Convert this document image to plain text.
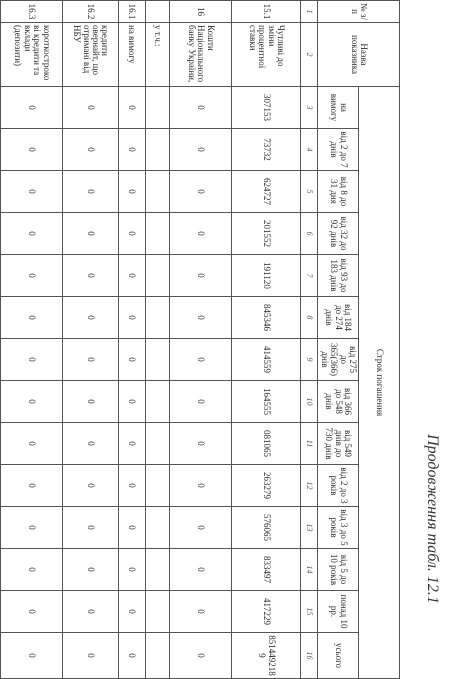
Продовження табл. 12.1
№ з/п	Назва показника	Строк погашення													
		на вимогу	від 2 до 7 днів	від 8 до 31 дня	від 32 до 92 днів	від 93 до 183 днів	від 184 до 274 днів	від 275 до 365(366) днів	від 366 до 548 днів	від 549 днів до 730 днів	від 2 до 3 років	від 3 до 5 років	від 5 до 10 років	понад 10 рр.	усього
1	2	3	4	5	6	7	8	9	10	11	12	13	14	15	16
15.1	Чутливі до зміни процентної ставки	307153	73732	624727	201552	191120	845346	414559	164555	081065	263279	576065	833497	417229	851449218 9
16	Кошти Національного банку України,	0	0	0	0	0	0	0	0	0	0	0	0	0	0
	у т.ч.:														
16.1	на вимогу	0	0	0	0	0	0	0	0	0	0	0	0	0	0
16.2	кредити овернайт, що отримані від НБУ	0	0	0	0	0	0	0	0	0	0	0	0	0	0
16.3	короткострокові кредити та вклади (депозити)	0	0	0	0	0	0	0	0	0	0	0	0	0	0
